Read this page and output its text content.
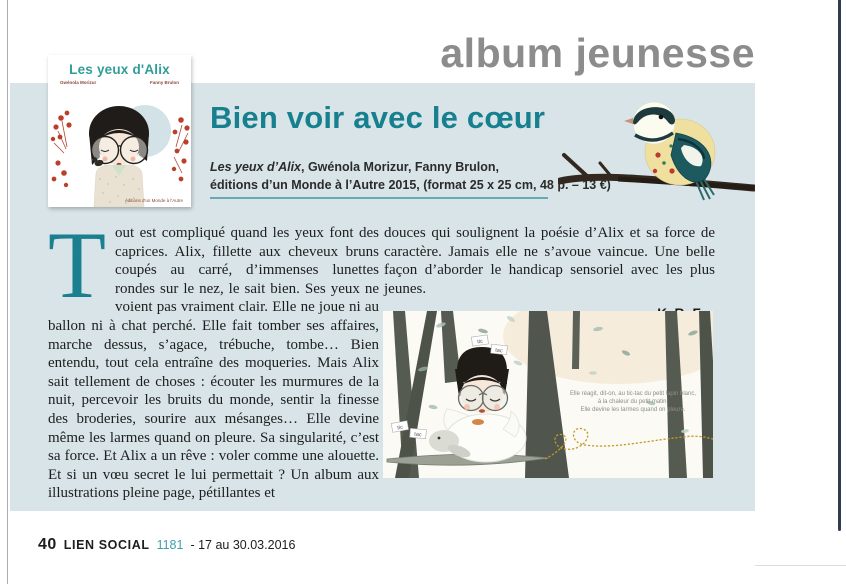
album jeunesse
Les yeux d'Alix
Gwénola Morizur	Fanny Brulon
éditions d'un Monde à l'Autre
Bien voir avec le cœur

Les yeux d’Alix, Gwénola Morizur, Fanny Brulon,
éditions d’un Monde à l’Autre 2015, (format 25 x 25 cm, 48 p. – 13 €)

Tout est compliqué quand les yeux font des caprices. Alix, fillette aux cheveux bruns coupés au carré, d’immenses lunettes rondes sur le nez, le sait bien. Ses yeux ne voient pas vraiment clair. Elle ne joue ni au ballon ni à chat perché. Elle fait tomber ses affaires, marche dessus, s’agace, trébuche, tombe… Bien entendu, tout cela entraîne des moqueries. Mais Alix sait tellement de choses : écouter les murmures de la nuit, percevoir les bruits du monde, sentir la finesse des broderies, sourire aux mésanges… Elle devine même les larmes quand on pleure. Sa singularité, c’est sa force. Et Alix a un rêve : voler comme une alouette. Et si un vœu secret le lui permettait ? Un album aux illustrations pleine page, pétillantes et
douces qui soulignent la poésie d’Alix et sa force de caractère. Jamais elle ne s’avoue vaincue. Une belle façon d’aborder le handicap sensoriel avec les plus jeunes.
tic
tac
tic
tac
Elle réagit, dit-on, au tic-tac du petit lapin blanc,
à la chaleur du petit matin.
Elle devine les larmes quand on pleure.
40 LIEN SOCIAL 1181 - 17 au 30.03.2016
